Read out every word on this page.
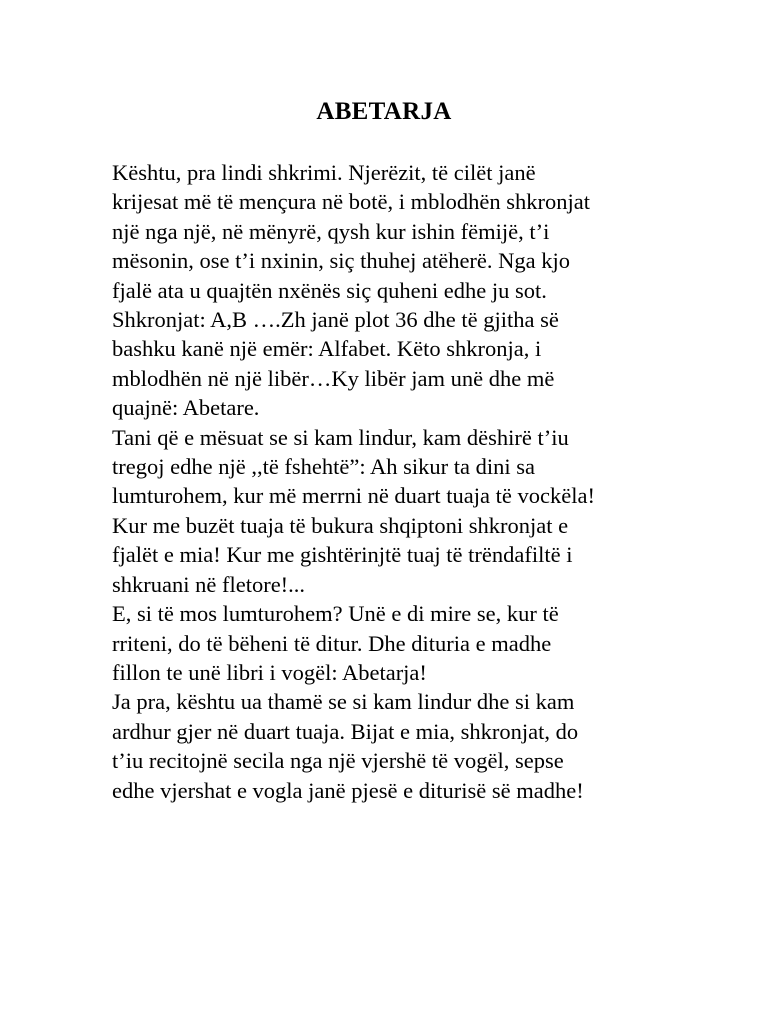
ABETARJA
Kështu, pra lindi shkrimi. Njerëzit, të cilët janë
krijesat më të mençura në botë, i mblodhën shkronjat
një nga një, në mënyrë, qysh kur ishin fëmijë, t’i
mësonin, ose t’i nxinin, siç thuhej atëherë. Nga kjo
fjalë ata u quajtën nxënës siç quheni edhe ju sot.
Shkronjat: A,B ….Zh janë plot 36 dhe të gjitha së
bashku kanë një emër: Alfabet. Këto shkronja, i
mblodhën në një libër…Ky libër jam unë dhe më
quajnë: Abetare.
Tani që e mësuat se si kam lindur, kam dëshirë t’iu
tregoj edhe një ,,të fshehtë”: Ah sikur ta dini sa
lumturohem, kur më merrni në duart tuaja të vockëla!
Kur me buzët tuaja të bukura shqiptoni shkronjat e
fjalët e mia! Kur me gishtërinjtë tuaj të trëndafiltë i
shkruani në fletore!...
E, si të mos lumturohem? Unë e di mire se, kur të
rriteni, do të bëheni të ditur. Dhe dituria e madhe
fillon te unë libri i vogël: Abetarja!
Ja pra, kështu ua thamë se si kam lindur dhe si kam
ardhur gjer në duart tuaja. Bijat e mia, shkronjat, do
t’iu recitojnë secila nga një vjershë të vogël, sepse
edhe vjershat e vogla janë pjesë e diturisë së madhe!
